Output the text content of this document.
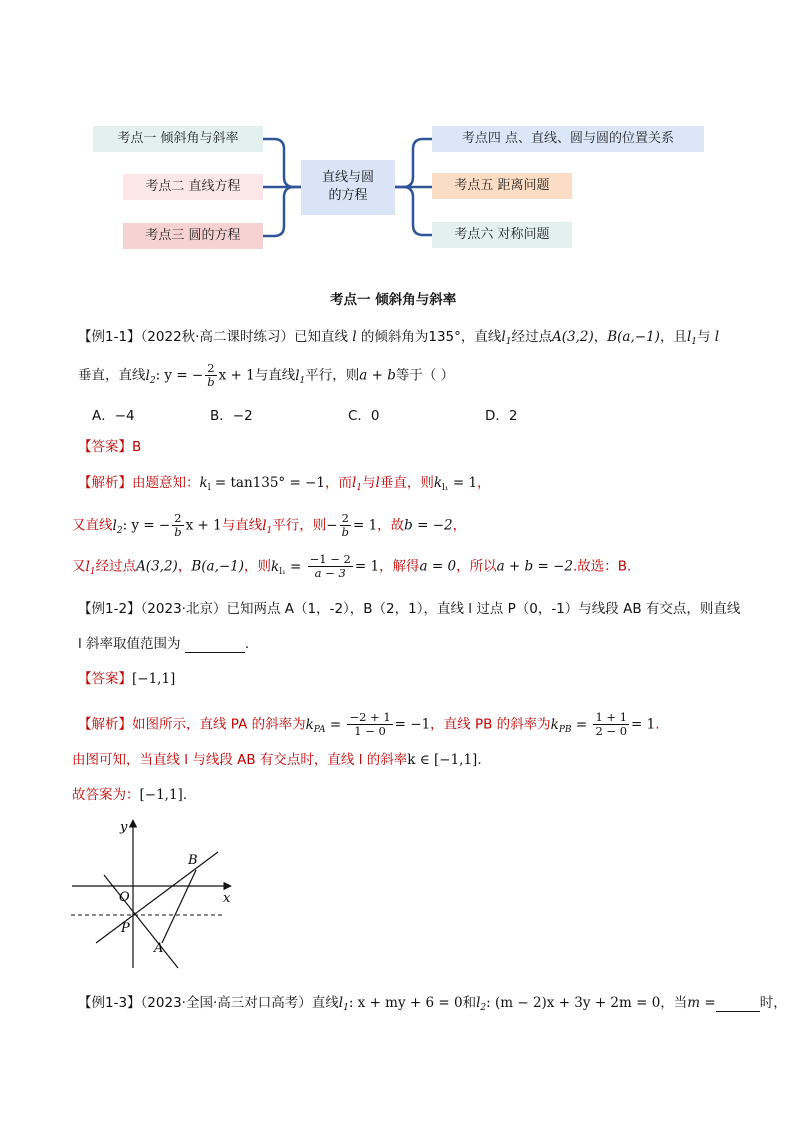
考点一 倾斜角与斜率
考点二 直线方程
考点三 圆的方程
直线与圆
的方程
考点四 点、直线、圆与圆的位置关系
考点五 距离问题
考点六 对称问题
考点一 倾斜角与斜率
【例1-1】（2022秋·高二课时练习）已知直线 l 的倾斜角为135°，直线$l_1$经过点A(3,2)，B(a,−1)，且$l_1$与 l
垂直，直线$l_2$: y = − $\frac{2}{b}$ x + 1与直线$l_1$平行，则a + b等于（ ）
A．−4	B．−2	C．0	D．2
【答案】B
【解析】由题意知：$k_l = \tan 135^\circ = -1$，而$l_1$与l垂直，则$k_{l_1} = 1$，
又直线$l_2$: y = − $\frac{2}{b}$ x + 1与直线$l_1$平行，则− $\frac{2}{b} = 1$，故b = −2，
又$l_1$经过点A(3,2)，B(a,−1)，则$k_{l_1} = \frac{-1 - 2}{a - 3} = 1$，解得a = 0，所以a + b = −2.故选：B.
【例1-2】（2023·北京）已知两点 A（1，-2），B（2，1），直线 l 过点 P（0，-1）与线段 AB 有交点，则直线
l 斜率取值范围为	.
【答案】[−1,1]
【解析】如图所示，直线 PA 的斜率为$k_{PA} = \frac{-2 + 1}{1 - 0} = -1$，直线 PB 的斜率为$k_{PB} = \frac{1 + 1}{2 - 0} = 1$.
由图可知，当直线 l 与线段 AB 有交点时，直线 l 的斜率k ∈ [−1,1].
故答案为：[−1,1].
y
x
O
P
A
B
【例1-3】（2023·全国·高三对口高考）直线$l_1$: x + my + 6 = 0和$l_2$: (m − 2)x + 3y + 2m = 0，当m =	时，
